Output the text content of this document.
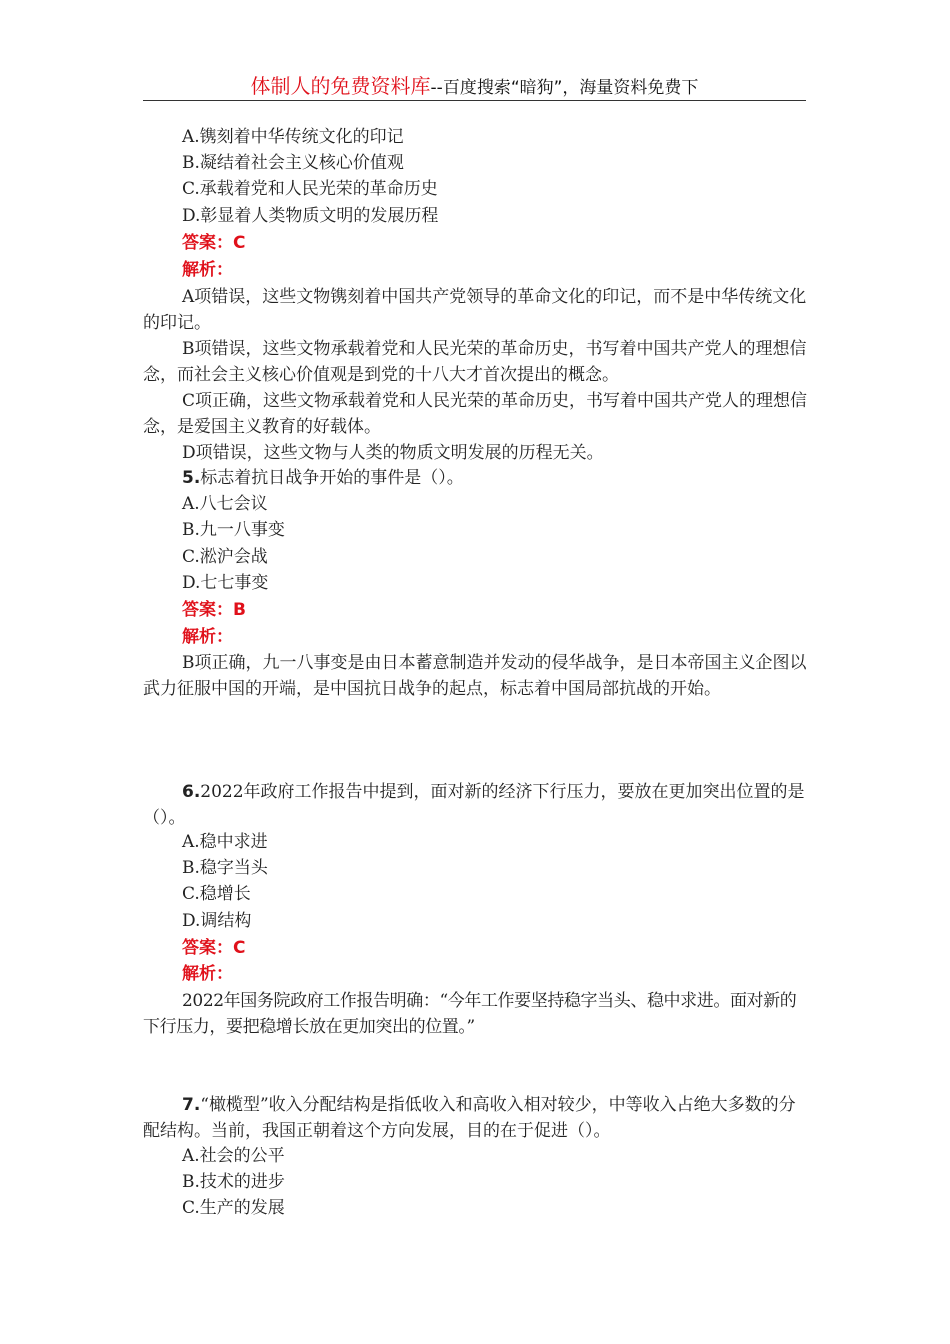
体制人的免费资料库--百度搜索“暗狗”，海量资料免费下
A.镌刻着中华传统文化的印记
B.凝结着社会主义核心价值观
C.承载着党和人民光荣的革命历史
D.彰显着人类物质文明的发展历程
答案：C
解析：
A项错误，这些文物镌刻着中国共产党领导的革命文化的印记，而不是中华传统文化的印记。
B项错误，这些文物承载着党和人民光荣的革命历史，书写着中国共产党人的理想信念，而社会主义核心价值观是到党的十八大才首次提出的概念。
C项正确，这些文物承载着党和人民光荣的革命历史，书写着中国共产党人的理想信念，是爱国主义教育的好载体。
D项错误，这些文物与人类的物质文明发展的历程无关。
5.标志着抗日战争开始的事件是（）。
A.八七会议
B.九一八事变
C.淞沪会战
D.七七事变
答案：B
解析：
B项正确，九一八事变是由日本蓄意制造并发动的侵华战争，是日本帝国主义企图以武力征服中国的开端，是中国抗日战争的起点，标志着中国局部抗战的开始。
6.2022年政府工作报告中提到，面对新的经济下行压力，要放在更加突出位置的是（）。
A.稳中求进
B.稳字当头
C.稳增长
D.调结构
答案：C
解析：
2022年国务院政府工作报告明确：“今年工作要坚持稳字当头、稳中求进。面对新的下行压力，要把稳增长放在更加突出的位置。”
7.“橄榄型”收入分配结构是指低收入和高收入相对较少，中等收入占绝大多数的分配结构。当前，我国正朝着这个方向发展，目的在于促进（）。
A.社会的公平
B.技术的进步
C.生产的发展
